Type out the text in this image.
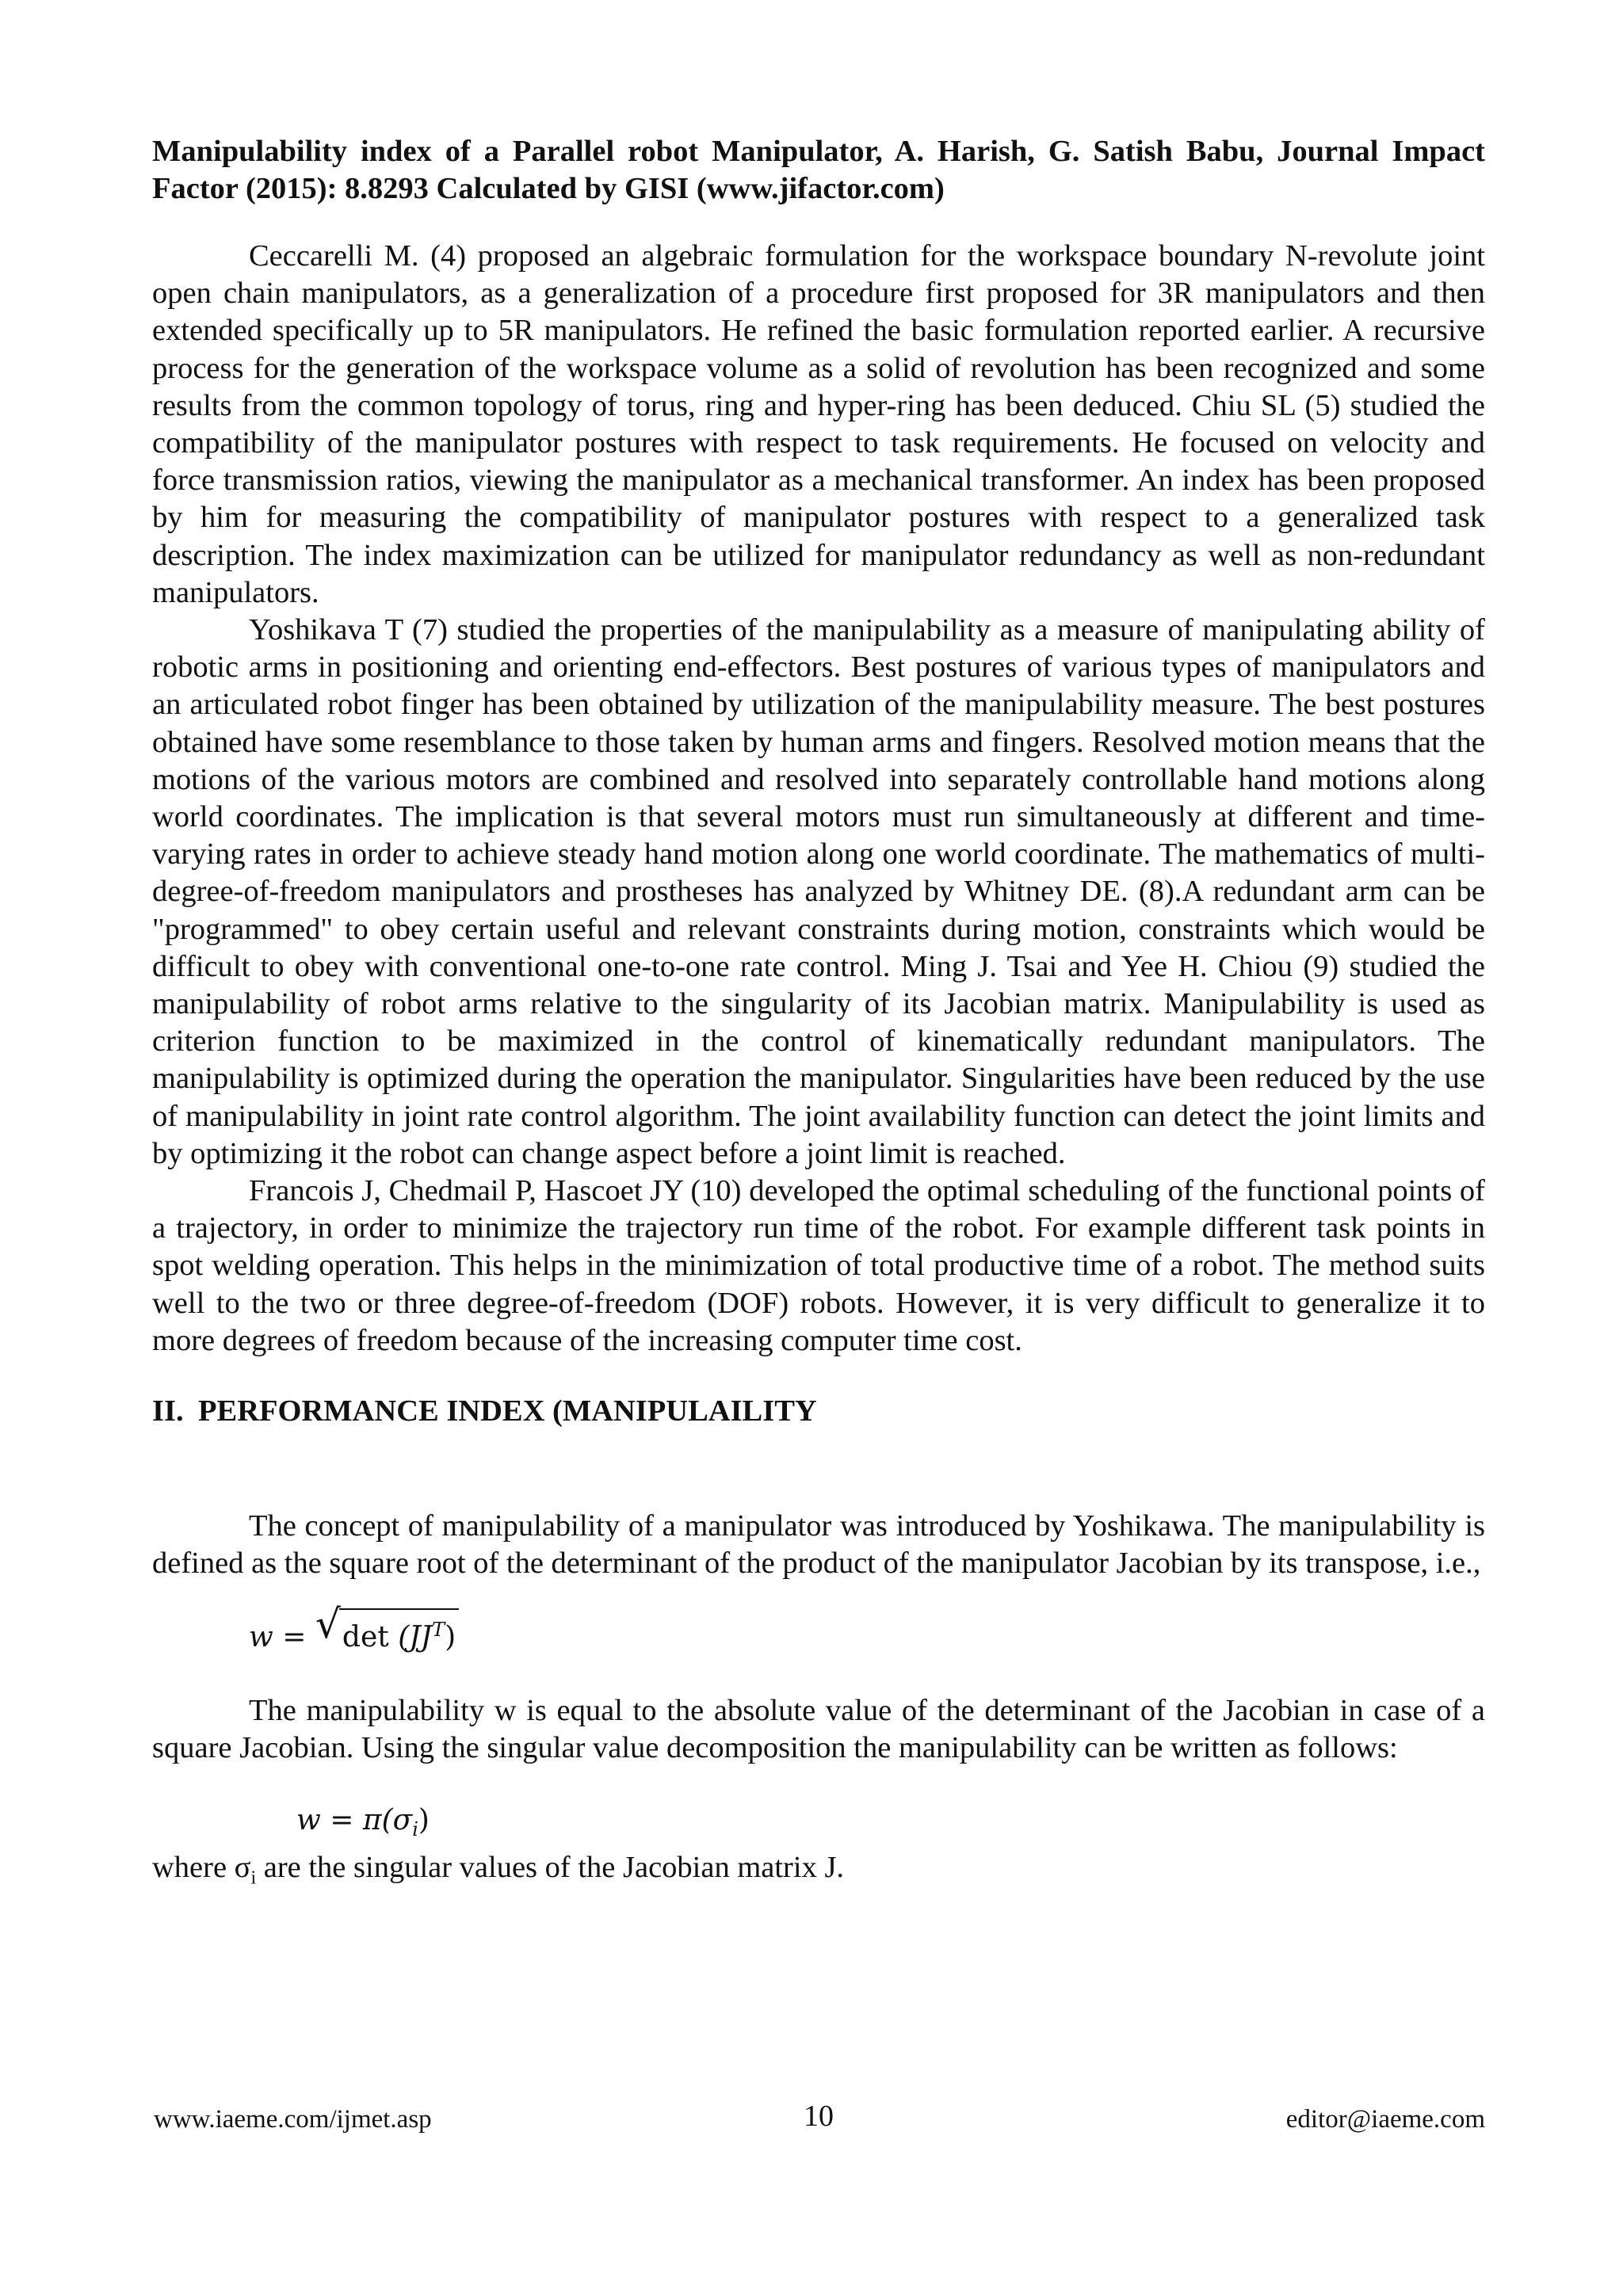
Manipulability index of a Parallel robot Manipulator, A. Harish, G. Satish Babu, Journal Impact Factor (2015): 8.8293 Calculated by GISI (www.jifactor.com)

Ceccarelli M. (4) proposed an algebraic formulation for the workspace boundary N-revolute joint open chain manipulators, as a generalization of a procedure first proposed for 3R manipulators and then extended specifically up to 5R manipulators. He refined the basic formulation reported earlier. A recursive process for the generation of the workspace volume as a solid of revolution has been recognized and some results from the common topology of torus, ring and hyper-ring has been deduced. Chiu SL (5) studied the compatibility of the manipulator postures with respect to task requirements. He focused on velocity and force transmission ratios, viewing the manipulator as a mechanical transformer. An index has been proposed by him for measuring the compatibility of manipulator postures with respect to a generalized task description. The index maximization can be utilized for manipulator redundancy as well as non-redundant manipulators.

Yoshikava T (7) studied the properties of the manipulability as a measure of manipulating ability of robotic arms in positioning and orienting end-effectors. Best postures of various types of manipulators and an articulated robot finger has been obtained by utilization of the manipulability measure. The best postures obtained have some resemblance to those taken by human arms and fingers. Resolved motion means that the motions of the various motors are combined and resolved into separately controllable hand motions along world coordinates. The implication is that several motors must run simultaneously at different and time-varying rates in order to achieve steady hand motion along one world coordinate. The mathematics of multi-degree-of-freedom manipulators and prostheses has analyzed by Whitney DE. (8).A redundant arm can be "programmed" to obey certain useful and relevant constraints during motion, constraints which would be difficult to obey with conventional one-to-one rate control. Ming J. Tsai and Yee H. Chiou (9) studied the manipulability of robot arms relative to the singularity of its Jacobian matrix. Manipulability is used as criterion function to be maximized in the control of kinematically redundant manipulators. The manipulability is optimized during the operation the manipulator. Singularities have been reduced by the use of manipulability in joint rate control algorithm. The joint availability function can detect the joint limits and by optimizing it the robot can change aspect before a joint limit is reached.

Francois J, Chedmail P, Hascoet JY (10) developed the optimal scheduling of the functional points of a trajectory, in order to minimize the trajectory run time of the robot. For example different task points in spot welding operation. This helps in the minimization of total productive time of a robot. The method suits well to the two or three degree-of-freedom (DOF) robots. However, it is very difficult to generalize it to more degrees of freedom because of the increasing computer time cost.

II. PERFORMANCE INDEX (MANIPULAILITY

The concept of manipulability of a manipulator was introduced by Yoshikawa. The manipulability is defined as the square root of the determinant of the product of the manipulator Jacobian by its transpose, i.e.,

w = √ $\det (JJ^T)$

The manipulability w is equal to the absolute value of the determinant of the Jacobian in case of a square Jacobian. Using the singular value decomposition the manipulability can be written as follows:

$w = \pi(\sigma_i)$

where $\sigma_i$ are the singular values of the Jacobian matrix J.

www.iaeme.com/ijmet.asp	10	editor@iaeme.com
